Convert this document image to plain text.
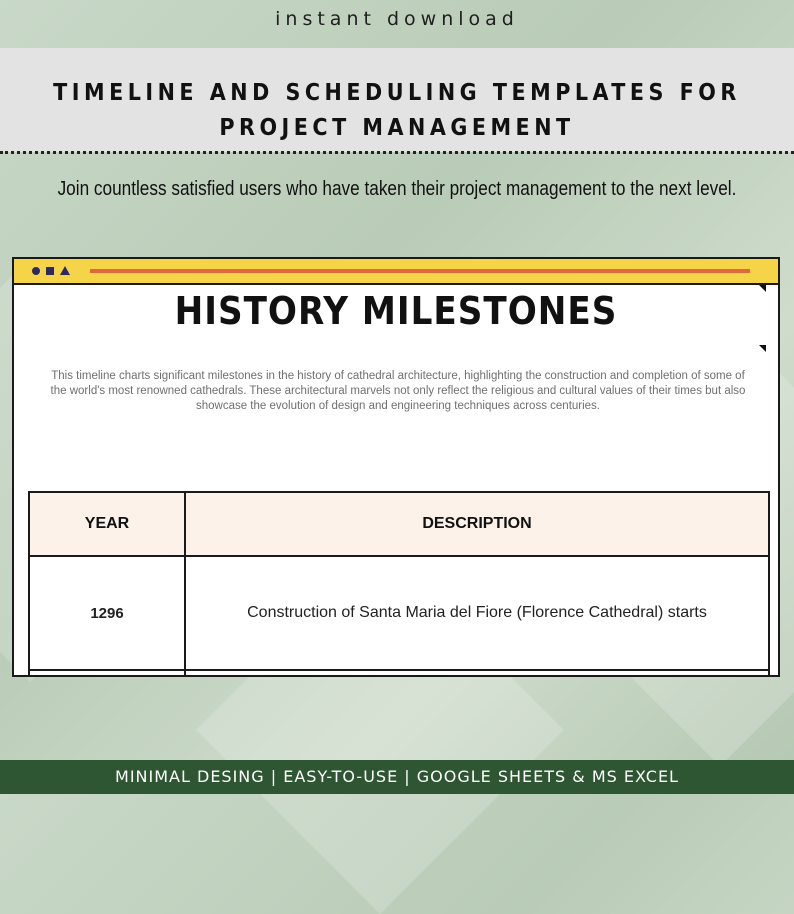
instant download
TIMELINE AND SCHEDULING TEMPLATES FOR
PROJECT MANAGEMENT
Join countless satisfied users who have taken their project management to the next level.
HISTORY MILESTONES
This timeline charts significant milestones in the history of cathedral architecture, highlighting the construction and completion of some of the world's most renowned cathedrals. These architectural marvels not only reflect the religious and cultural values of their times but also showcase the evolution of design and engineering techniques across centuries.
YEAR	DESCRIPTION
1296	Construction of Santa Maria del Fiore (Florence Cathedral) starts

MINIMAL DESING | EASY-TO-USE | GOOGLE SHEETS & MS EXCEL
